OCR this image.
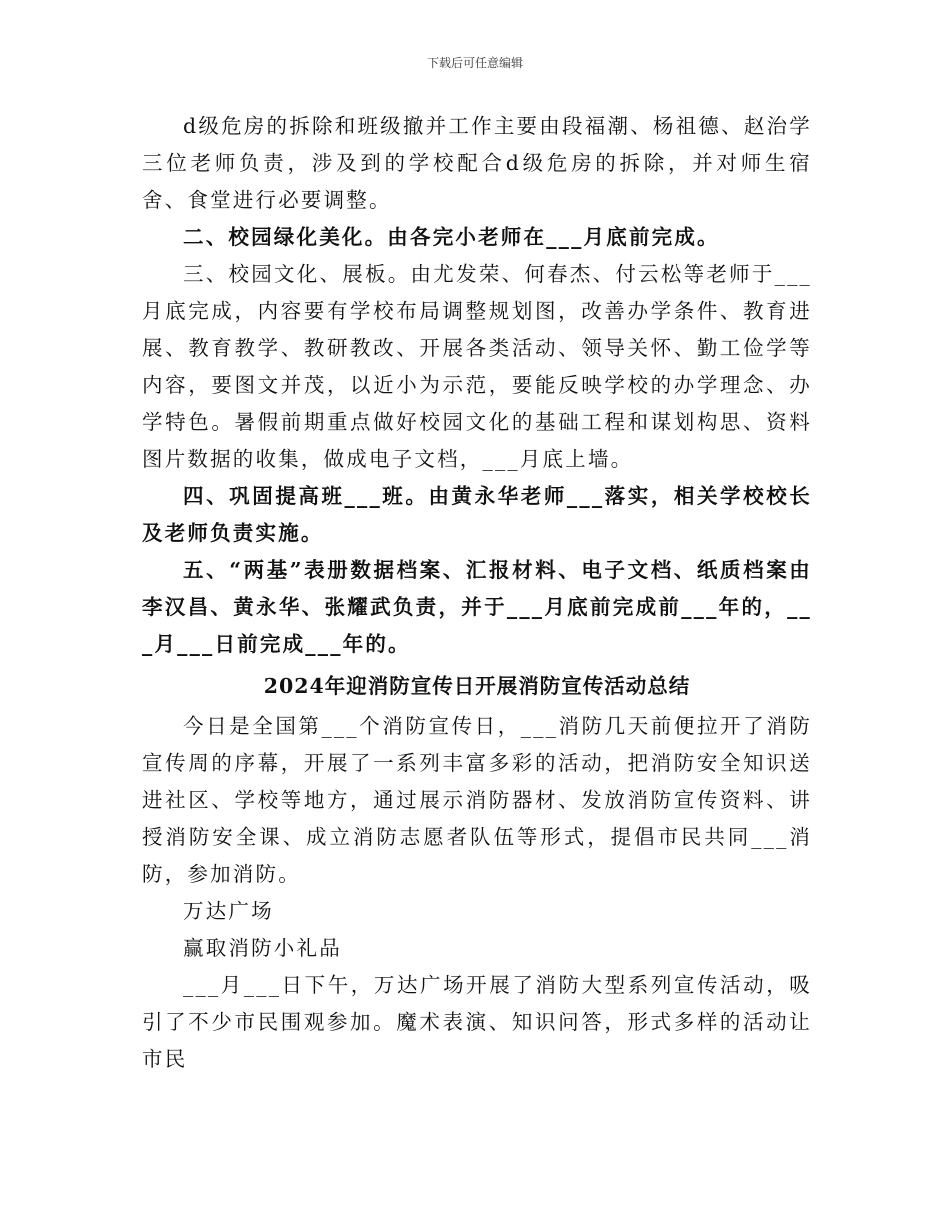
下载后可任意编辑

d级危房的拆除和班级撤并工作主要由段福潮、杨祖德、赵治学三位老师负责，涉及到的学校配合d级危房的拆除，并对师生宿舍、食堂进行必要调整。

二、校园绿化美化。由各完小老师在___月底前完成。

三、校园文化、展板。由尤发荣、何春杰、付云松等老师于___月底完成，内容要有学校布局调整规划图，改善办学条件、教育进展、教育教学、教研教改、开展各类活动、领导关怀、勤工俭学等内容，要图文并茂，以近小为示范，要能反映学校的办学理念、办学特色。暑假前期重点做好校园文化的基础工程和谋划构思、资料图片数据的收集，做成电子文档，___月底上墙。

四、巩固提高班___班。由黄永华老师___落实，相关学校校长及老师负责实施。

五、“两基”表册数据档案、汇报材料、电子文档、纸质档案由李汉昌、黄永华、张耀武负责，并于___月底前完成前___年的，___月___日前完成___年的。

2024年迎消防宣传日开展消防宣传活动总结

今日是全国第___个消防宣传日，___消防几天前便拉开了消防宣传周的序幕，开展了一系列丰富多彩的活动，把消防安全知识送进社区、学校等地方，通过展示消防器材、发放消防宣传资料、讲授消防安全课、成立消防志愿者队伍等形式，提倡市民共同___消防，参加消防。

万达广场

赢取消防小礼品

___月___日下午，万达广场开展了消防大型系列宣传活动，吸引了不少市民围观参加。魔术表演、知识问答，形式多样的活动让市民
